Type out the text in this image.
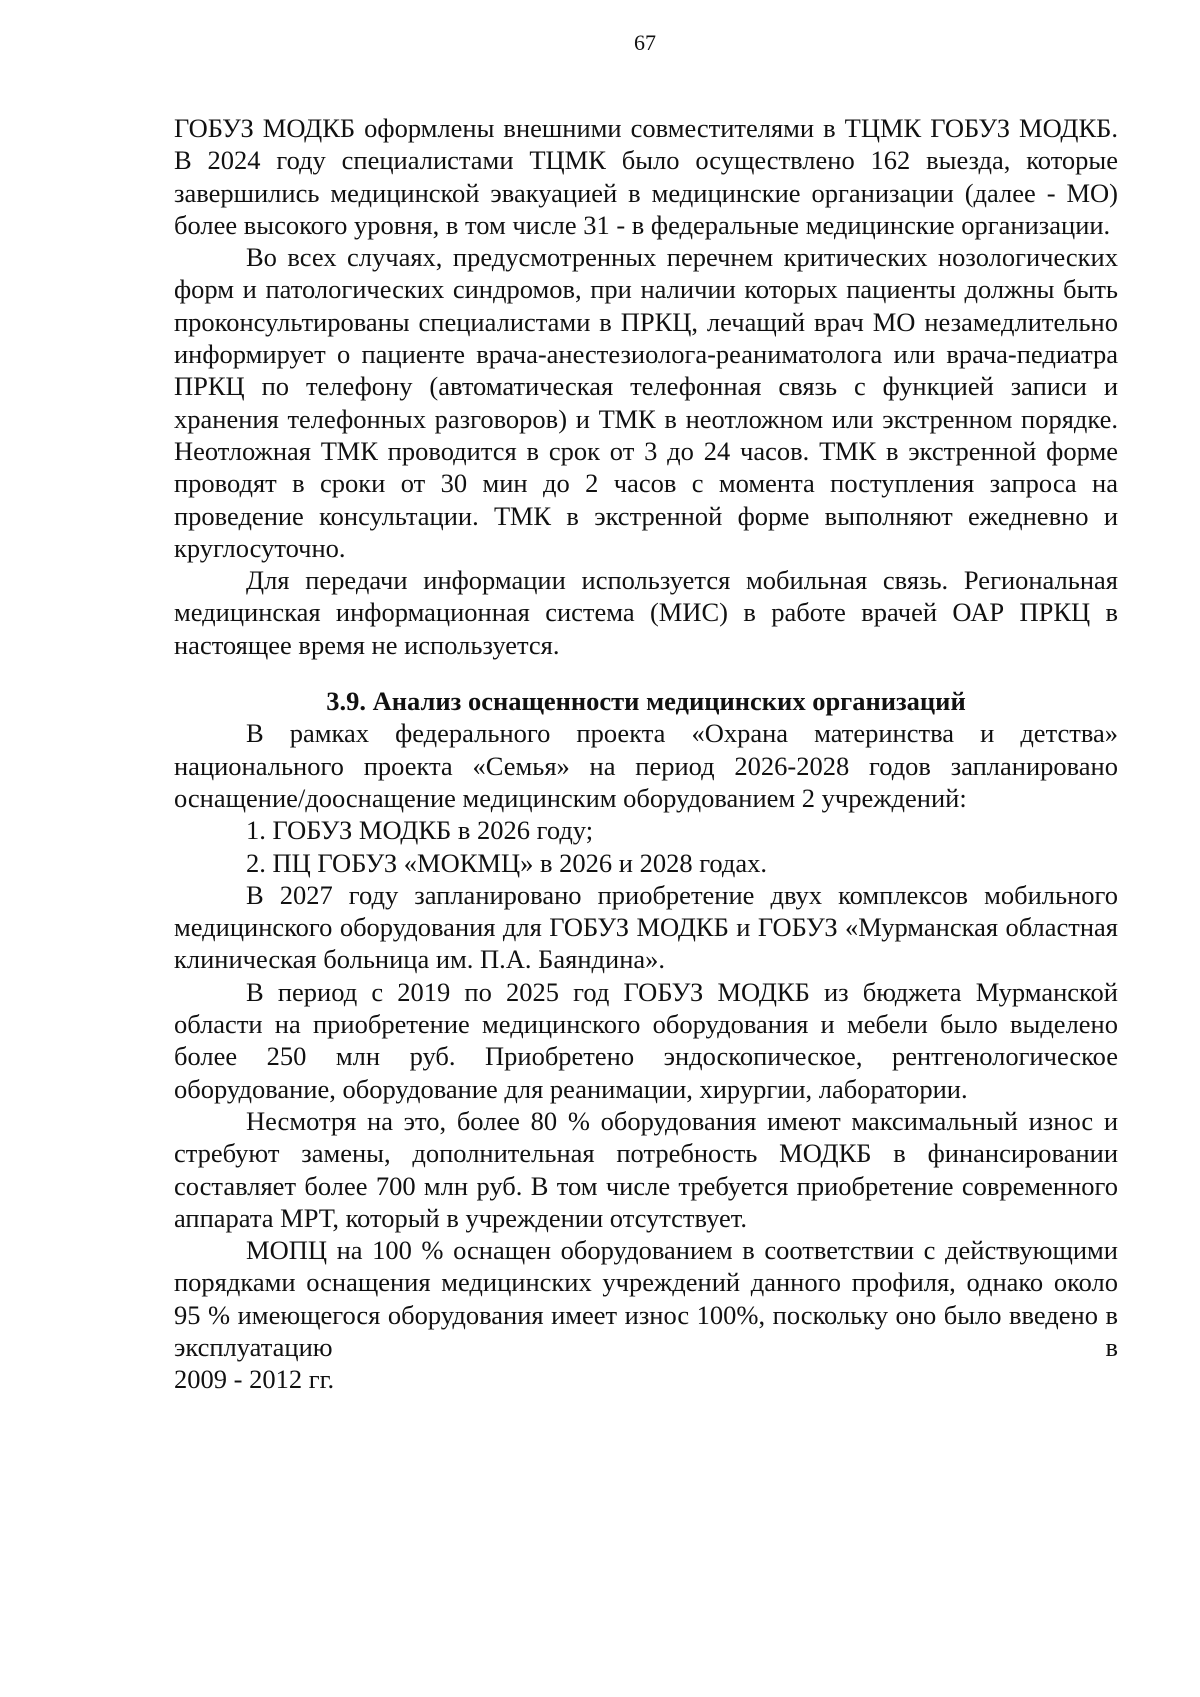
67

ГОБУЗ МОДКБ оформлены внешними совместителями в ТЦМК ГОБУЗ МОДКБ. В 2024 году специалистами ТЦМК было осуществлено 162 выезда, которые завершились медицинской эвакуацией в медицинские организации (далее - МО) более высокого уровня, в том числе 31 - в федеральные медицинские организации.

Во всех случаях, предусмотренных перечнем критических нозологических форм и патологических синдромов, при наличии которых пациенты должны быть проконсультированы специалистами в ПРКЦ, лечащий врач МО незамедлительно информирует о пациенте врача-анестезиолога-реаниматолога или врача-педиатра ПРКЦ по телефону (автоматическая телефонная связь с функцией записи и хранения телефонных разговоров) и ТМК в неотложном или экстренном порядке. Неотложная ТМК проводится в срок от 3 до 24 часов. ТМК в экстренной форме проводят в сроки от 30 мин до 2 часов с момента поступления запроса на проведение консультации. ТМК в экстренной форме выполняют ежедневно и круглосуточно.

Для передачи информации используется мобильная связь. Региональная медицинская информационная система (МИС) в работе врачей ОАР ПРКЦ в настоящее время не используется.

3.9. Анализ оснащенности медицинских организаций

В рамках федерального проекта «Охрана материнства и детства» национального проекта «Семья» на период 2026-2028 годов запланировано оснащение/дооснащение медицинским оборудованием 2 учреждений:

1. ГОБУЗ МОДКБ в 2026 году;

2. ПЦ ГОБУЗ «МОКМЦ» в 2026 и 2028 годах.

В 2027 году запланировано приобретение двух комплексов мобильного медицинского оборудования для ГОБУЗ МОДКБ и ГОБУЗ «Мурманская областная клиническая больница им. П.А. Баяндина».

В период с 2019 по 2025 год ГОБУЗ МОДКБ из бюджета Мурманской области на приобретение медицинского оборудования и мебели было выделено более 250 млн руб. Приобретено эндоскопическое, рентгенологическое оборудование, оборудование для реанимации, хирургии, лаборатории.

Несмотря на это, более 80 % оборудования имеют максимальный износ и стребуют замены, дополнительная потребность МОДКБ в финансировании составляет более 700 млн руб. В том числе требуется приобретение современного аппарата МРТ, который в учреждении отсутствует.

МОПЦ на 100 % оснащен оборудованием в соответствии с действующими порядками оснащения медицинских учреждений данного профиля, однако около 95 % имеющегося оборудования имеет износ 100%, поскольку оно было введено в эксплуатацию в

2009 - 2012 гг.
